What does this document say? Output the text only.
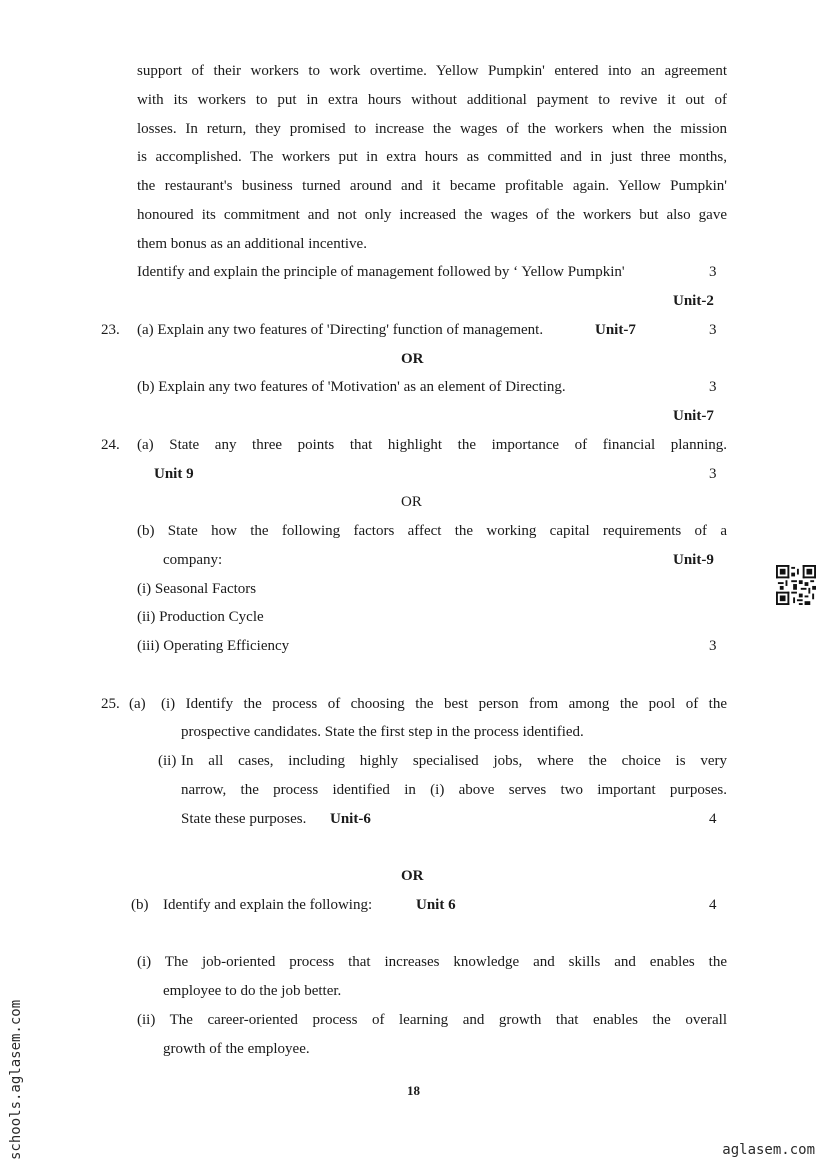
support of their workers to work overtime. Yellow Pumpkin' entered into an agreement
with its workers to put in extra hours without additional payment to revive it out of
losses. In return, they promised to increase the wages of the workers when the mission
is accomplished. The workers put in extra hours as committed and in just three months,
the restaurant's business turned around and it became profitable again. Yellow Pumpkin'
honoured its commitment and not only increased the wages of the workers but also gave
them bonus as an additional incentive.
Identify and explain the principle of management followed by ‘ Yellow Pumpkin'	3
Unit-2
23. (a) Explain any two features of 'Directing' function of management.	Unit-7	3
OR
(b) Explain any two features of 'Motivation' as an element of Directing.	3
Unit-7
24. (a) State any three points that highlight the importance of financial planning.
Unit 9	3
OR
(b) State how the following factors affect the working capital requirements of a
company:	Unit-9
(i) Seasonal Factors
(ii) Production Cycle
(iii) Operating Efficiency	3
25. (a) (i) Identify the process of choosing the best person from among the pool of the
prospective candidates. State the first step in the process identified.
(ii) In all cases, including highly specialised jobs, where the choice is very
narrow, the process identified in (i) above serves two important purposes.
State these purposes. Unit-6	4
OR
(b) Identify and explain the following:	Unit 6	4
(i) The job-oriented process that increases knowledge and skills and enables the
employee to do the job better.
(ii) The career-oriented process of learning and growth that enables the overall
growth of the employee.
18
schools.aglasem.com	aglasem.com
